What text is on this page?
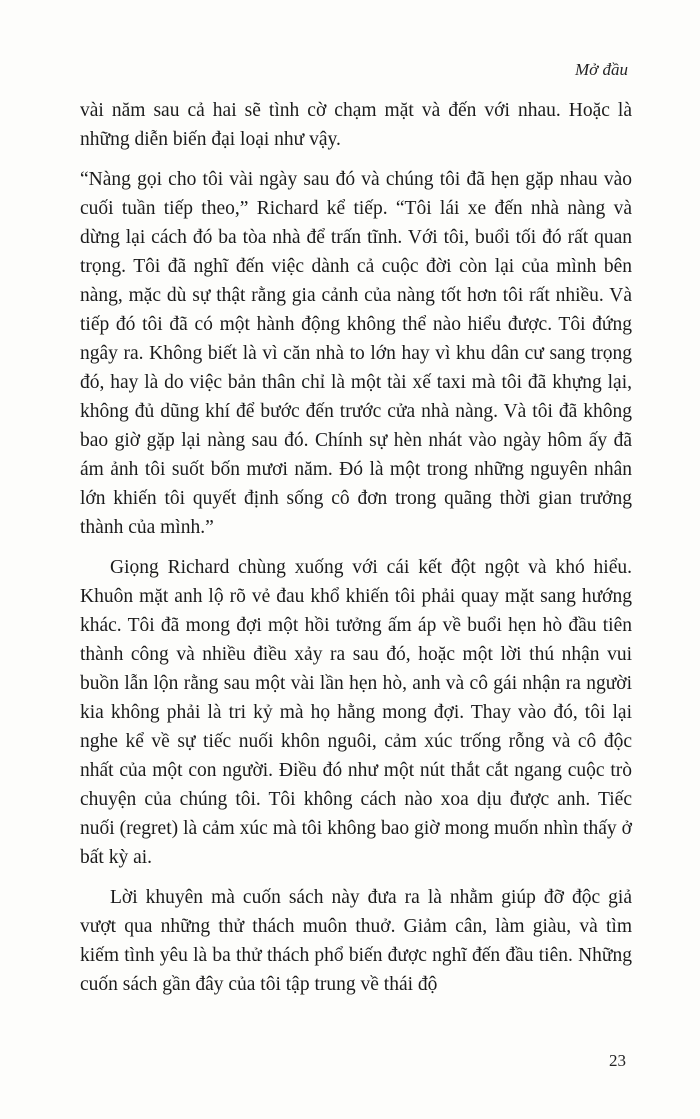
Mở đầu

vài năm sau cả hai sẽ tình cờ chạm mặt và đến với nhau. Hoặc là những diễn biến đại loại như vậy.

“Nàng gọi cho tôi vài ngày sau đó và chúng tôi đã hẹn gặp nhau vào cuối tuần tiếp theo,” Richard kể tiếp. “Tôi lái xe đến nhà nàng và dừng lại cách đó ba tòa nhà để trấn tĩnh. Với tôi, buổi tối đó rất quan trọng. Tôi đã nghĩ đến việc dành cả cuộc đời còn lại của mình bên nàng, mặc dù sự thật rằng gia cảnh của nàng tốt hơn tôi rất nhiều. Và tiếp đó tôi đã có một hành động không thể nào hiểu được. Tôi đứng ngây ra. Không biết là vì căn nhà to lớn hay vì khu dân cư sang trọng đó, hay là do việc bản thân chỉ là một tài xế taxi mà tôi đã khựng lại, không đủ dũng khí để bước đến trước cửa nhà nàng. Và tôi đã không bao giờ gặp lại nàng sau đó. Chính sự hèn nhát vào ngày hôm ấy đã ám ảnh tôi suốt bốn mươi năm. Đó là một trong những nguyên nhân lớn khiến tôi quyết định sống cô đơn trong quãng thời gian trưởng thành của mình.”

Giọng Richard chùng xuống với cái kết đột ngột và khó hiểu. Khuôn mặt anh lộ rõ vẻ đau khổ khiến tôi phải quay mặt sang hướng khác. Tôi đã mong đợi một hồi tưởng ấm áp về buổi hẹn hò đầu tiên thành công và nhiều điều xảy ra sau đó, hoặc một lời thú nhận vui buồn lẫn lộn rằng sau một vài lần hẹn hò, anh và cô gái nhận ra người kia không phải là tri kỷ mà họ hằng mong đợi. Thay vào đó, tôi lại nghe kể về sự tiếc nuối khôn nguôi, cảm xúc trống rỗng và cô độc nhất của một con người. Điều đó như một nút thắt cắt ngang cuộc trò chuyện của chúng tôi. Tôi không cách nào xoa dịu được anh. Tiếc nuối (regret) là cảm xúc mà tôi không bao giờ mong muốn nhìn thấy ở bất kỳ ai.

Lời khuyên mà cuốn sách này đưa ra là nhằm giúp đỡ độc giả vượt qua những thử thách muôn thuở. Giảm cân, làm giàu, và tìm kiếm tình yêu là ba thử thách phổ biến được nghĩ đến đầu tiên. Những cuốn sách gần đây của tôi tập trung về thái độ

23
